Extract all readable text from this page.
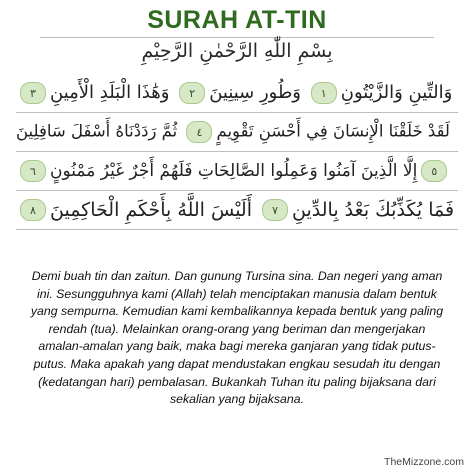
SURAH AT-TIN
بِسْمِ اللّٰهِ الرَّحْمٰنِ الرَّحِيْمِ
وَالتِّينِ وَالزَّيْتُونِ١ وَطُورِ سِينِينَ٢ وَهَٰذَا الْبَلَدِ الْأَمِينِ٣
لَقَدْ خَلَقْنَا الْإِنسَانَ فِي أَحْسَنِ تَقْوِيمٍ٤ ثُمَّ رَدَدْنَاهُ أَسْفَلَ سَافِلِينَ
٥إِلَّا الَّذِينَ آمَنُوا وَعَمِلُوا الصَّالِحَاتِ فَلَهُمْ أَجْرٌ غَيْرُ مَمْنُونٍ٦
فَمَا يُكَذِّبُكَ بَعْدُ بِالدِّينِ٧ أَلَيْسَ اللَّهُ بِأَحْكَمِ الْحَاكِمِينَ٨
Demi buah tin dan zaitun. Dan gunung Tursina sina. Dan negeri yang aman ini. Sesungguhnya kami (Allah) telah menciptakan manusia dalam bentuk yang sempurna. Kemudian kami kembalikannya kepada bentuk yang paling rendah (tua). Melainkan orang-orang yang beriman dan mengerjakan amalan-amalan yang baik, maka bagi mereka ganjaran yang tidak putus-putus. Maka apakah yang dapat mendustakan engkau sesudah itu dengan (kedatangan hari) pembalasan. Bukankah Tuhan itu paling bijaksana dari sekalian yang bijaksana.
TheMizzone.com
